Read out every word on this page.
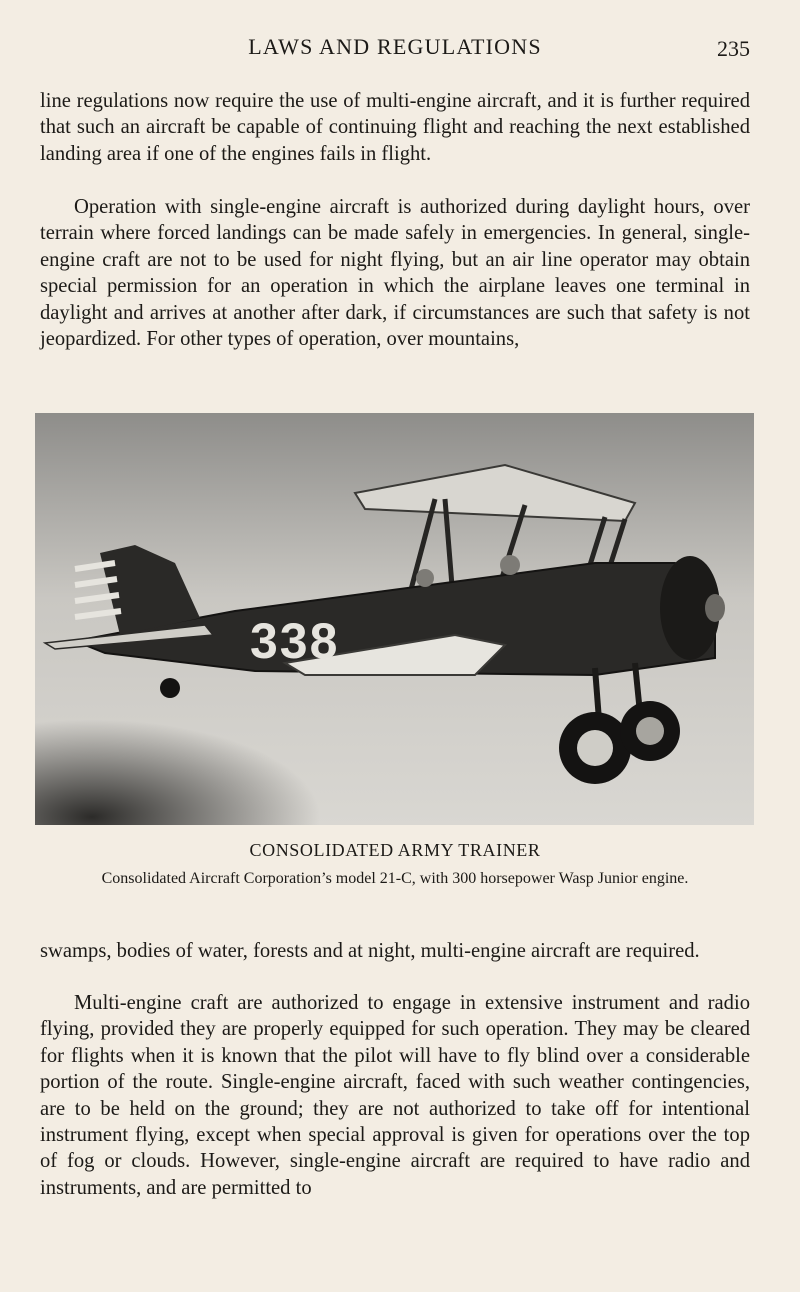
LAWS AND REGULATIONS	235

line regulations now require the use of multi-engine aircraft, and it is further required that such an aircraft be capable of continuing flight and reaching the next established landing area if one of the engines fails in flight.

Operation with single-engine aircraft is authorized during daylight hours, over terrain where forced landings can be made safely in emergencies. In general, single-engine craft are not to be used for night flying, but an air line operator may obtain special permission for an operation in which the airplane leaves one terminal in daylight and arrives at another after dark, if circumstances are such that safety is not jeopardized. For other types of operation, over mountains,

338
CONSOLIDATED ARMY TRAINER
Consolidated Aircraft Corporation’s model 21-C, with 300 horsepower Wasp Junior engine.

swamps, bodies of water, forests and at night, multi-engine aircraft are required.

Multi-engine craft are authorized to engage in extensive instrument and radio flying, provided they are properly equipped for such operation. They may be cleared for flights when it is known that the pilot will have to fly blind over a considerable portion of the route. Single-engine aircraft, faced with such weather contingencies, are to be held on the ground; they are not authorized to take off for intentional instrument flying, except when special approval is given for operations over the top of fog or clouds. However, single-engine aircraft are required to have radio and instruments, and are permitted to
